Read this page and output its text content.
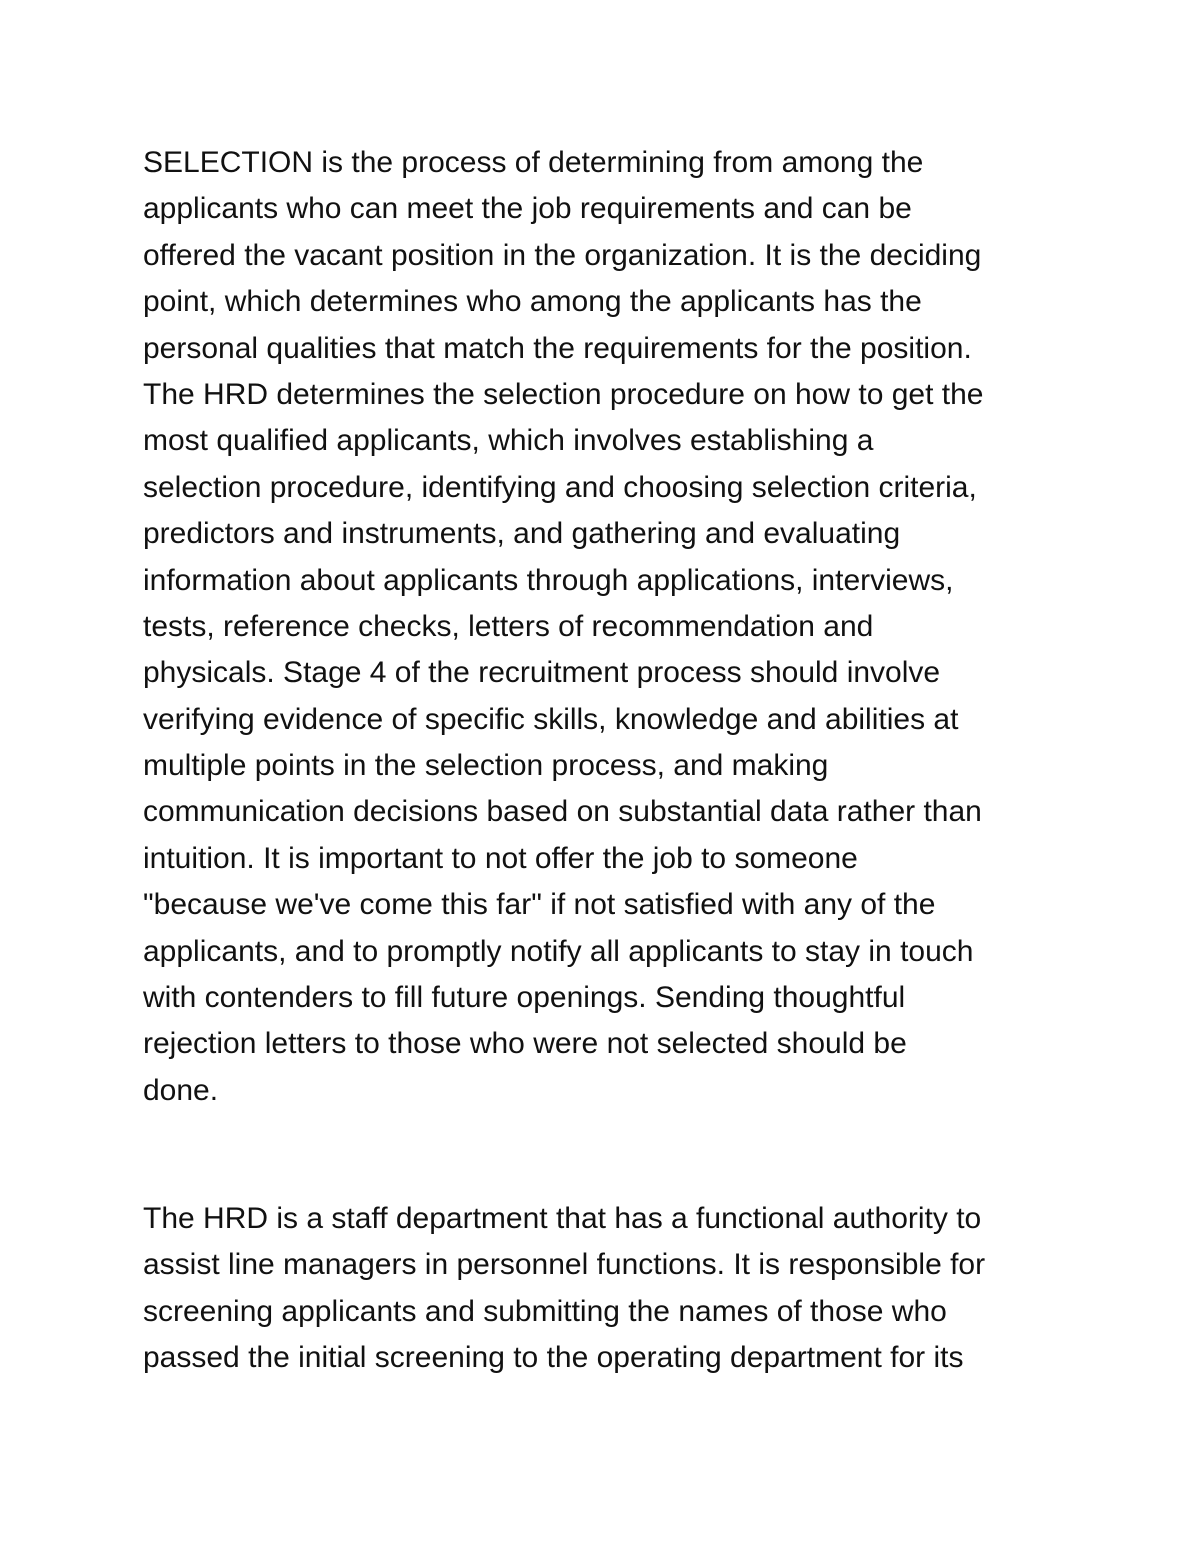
SELECTION is the process of determining from among the
applicants who can meet the job requirements and can be
offered the vacant position in the organization. It is the deciding
point, which determines who among the applicants has the
personal qualities that match the requirements for the position.
The HRD determines the selection procedure on how to get the
most qualified applicants, which involves establishing a
selection procedure, identifying and choosing selection criteria,
predictors and instruments, and gathering and evaluating
information about applicants through applications, interviews,
tests, reference checks, letters of recommendation and
physicals. Stage 4 of the recruitment process should involve
verifying evidence of specific skills, knowledge and abilities at
multiple points in the selection process, and making
communication decisions based on substantial data rather than
intuition. It is important to not offer the job to someone
"because we've come this far" if not satisfied with any of the
applicants, and to promptly notify all applicants to stay in touch
with contenders to fill future openings. Sending thoughtful
rejection letters to those who were not selected should be
done.
The HRD is a staff department that has a functional authority to
assist line managers in personnel functions. It is responsible for
screening applicants and submitting the names of those who
passed the initial screening to the operating department for its
